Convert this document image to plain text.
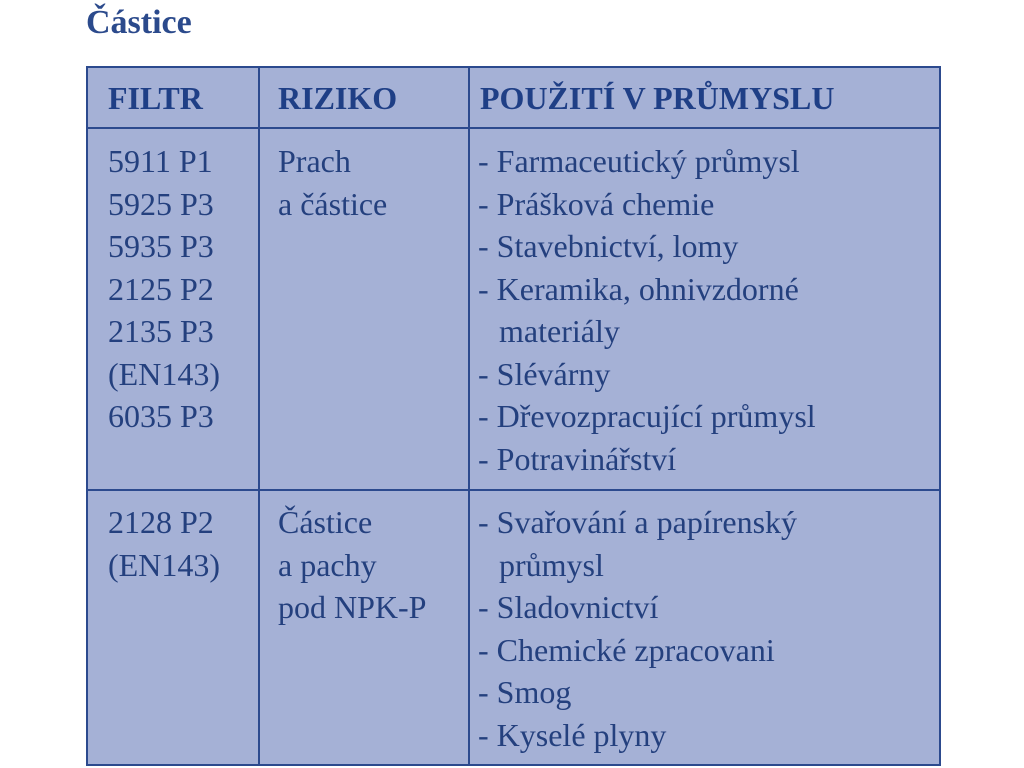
Částice
FILTR RIZIKO	POUŽITÍ V PRŮMYSLU
5911 P1
5925 P3
5935 P3
2125 P2
2135 P3
(EN143)
6035 P3
Prach
a částice
- Farmaceutický průmysl
- Prášková chemie
- Stavebnictví, lomy
- Keramika, ohnivzdorné
materiály
- Slévárny
- Dřevozpracující průmysl
- Potravinářství
2128 P2
(EN143)
Částice
a pachy
pod NPK-P
- Svařování a papírenský
průmysl
- Sladovnictví
- Chemické zpracovani
- Smog
- Kyselé plyny
